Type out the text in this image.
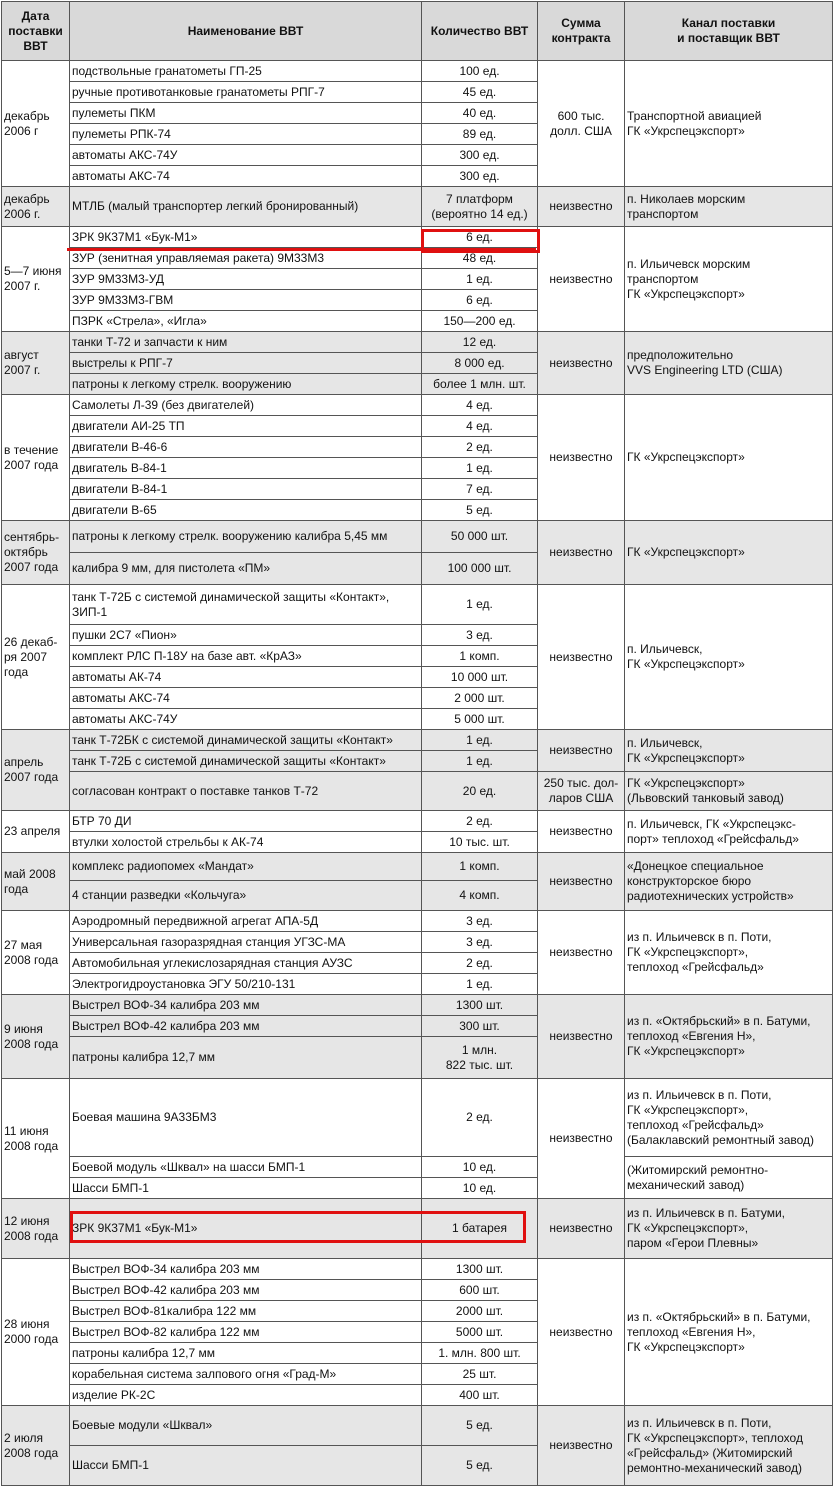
Дата
поставки
ВВТ	Наименование ВВТ	Количество ВВТ	Сумма
контракта	Канал поставки
и поставщик ВВТ
декабрь
2006 г	подствольные гранатометы ГП-25	100 ед.	600 тыс.
долл. США	Транспортной авиацией
ГК «Укрспецэкспорт»
	ручные противотанковые гранатометы РПГ-7	45 ед.		
	пулеметы ПКМ	40 ед.		
	пулеметы РПК-74	89 ед.		
	автоматы АКС-74У	300 ед.		
	автоматы АКС-74	300 ед.		
декабрь
2006 г.	МТЛБ (малый транспортер легкий бронированный)	7 платформ
(вероятно 14 ед.)	неизвестно	п. Николаев морским
транспортом
5—7 июня
2007 г.	ЗРК 9К37М1 «Бук-М1»	6 ед.	неизвестно	п. Ильичевск морским
транспортом
ГК «Укрспецэкспорт»
	ЗУР (зенитная управляемая ракета) 9М33М3	48 ед.		
	ЗУР 9М33М3-УД	1 ед.		
	ЗУР 9М33М3-ГВМ	6 ед.		
	ПЗРК «Стрела», «Игла»	150—200 ед.		
август
2007 г.	танки Т-72 и запчасти к ним	12 ед.	неизвестно	предположительно
VVS Engineering LTD (США)
	выстрелы к РПГ-7	8 000 ед.		
	патроны к легкому стрелк. вооружению	более 1 млн. шт.		
в течение
2007 года	Самолеты Л-39 (без двигателей)	4 ед.	неизвестно	ГК «Укрспецэкспорт»
	двигатели АИ-25 ТП	4 ед.		
	двигатели В-46-6	2 ед.		
	двигатель В-84-1	1 ед.		
	двигатели В-84-1	7 ед.		
	двигатели В-65	5 ед.		
сентябрь-
октябрь
2007 года	патроны к легкому стрелк. вооружению калибра 5,45 мм	50 000 шт.	неизвестно	ГК «Укрспецэкспорт»
	калибра 9 мм, для пистолета «ПМ»	100 000 шт.		
26 декаб-
ря 2007
года	танк Т-72Б с системой динамической защиты «Контакт»,
ЗИП-1	1 ед.	неизвестно	п. Ильичевск,
ГК «Укрспецэкспорт»
	пушки 2С7 «Пион»	3 ед.		
	комплект РЛС П-18У на базе авт. «КрАЗ»	1 комп.		
	автоматы АК-74	10 000 шт.		
	автоматы АКС-74	2 000 шт.		
	автоматы АКС-74У	5 000 шт.		
апрель
2007 года	танк Т-72БК с системой динамической защиты «Контакт»	1 ед.	неизвестно	п. Ильичевск,
ГК «Укрспецэкспорт»
	танк Т-72Б с системой динамической защиты «Контакт»	1 ед.		
	согласован контракт о поставке танков Т-72	20 ед.	250 тыс. дол-
ларов США	ГК «Укрспецэкспорт»
(Львовский танковый завод)
23 апреля	БТР 70 ДИ	2 ед.	неизвестно	п. Ильичевск, ГК «Укрспецэкс-
порт» теплоход «Грейсфальд»
	втулки холостой стрельбы к АК-74	10 тыс. шт.		
май 2008
года	комплекс радиопомех «Мандат»	1 комп.	неизвестно	«Донецкое специальное
конструкторское бюро
радиотехнических устройств»
	4 станции разведки «Кольчуга»	4 комп.		
27 мая
2008 года	Аэродромный передвижной агрегат АПА-5Д	3 ед.	неизвестно	из п. Ильичевск в п. Поти,
ГК «Укрспецэкспорт»,
теплоход «Грейсфальд»
	Универсальная газоразрядная станция УГЗС-МА	3 ед.		
	Автомобильная углекислозарядная станция АУЗС	2 ед.		
	Электрогидроустановка ЭГУ 50/210-131	1 ед.		
9 июня
2008 года	Выстрел ВОФ-34 калибра 203 мм	1300 шт.	неизвестно	из п. «Октябрьский» в п. Батуми,
теплоход «Евгения Н»,
ГК «Укрспецэкспорт»
	Выстрел ВОФ-42 калибра 203 мм	300 шт.		
	патроны калибра 12,7 мм	1 млн.
822 тыс. шт.		
11 июня
2008 года	Боевая машина 9А33БМ3	2 ед.	неизвестно	из п. Ильичевск в п. Поти,
ГК «Укрспецэкспорт»,
теплоход «Грейсфальд»
(Балаклавский ремонтный завод)
	Боевой модуль «Шквал» на шасси БМП-1	10 ед.		(Житомирский ремонтно-
механический завод)
	Шасси БМП-1	10 ед.		
12 июня
2008 года	ЗРК 9К37М1 «Бук-М1»	1 батарея	неизвестно	из п. Ильичевск в п. Батуми,
ГК «Укрспецэкспорт»,
паром «Герои Плевны»
28 июня
2000 года	Выстрел ВОФ-34 калибра 203 мм	1300 шт.	неизвестно	из п. «Октябрьский» в п. Батуми,
теплоход «Евгения Н»,
ГК «Укрспецэкспорт»
	Выстрел ВОФ-42 калибра 203 мм	600 шт.		
	Выстрел ВОФ-81калибра 122 мм	2000 шт.		
	Выстрел ВОФ-82 калибра 122 мм	5000 шт.		
	патроны калибра 12,7 мм	1. млн. 800 шт.		
	корабельная система залпового огня «Град-М»	25 шт.		
	изделие РК-2С	400 шт.		
2 июля
2008 года	Боевые модули «Шквал»	5 ед.	неизвестно	из п. Ильичевск в п. Поти,
ГК «Укрспецэкспорт», теплоход
«Грейсфальд» (Житомирский
ремонтно-механический завод)
	Шасси БМП-1	5 ед.		
